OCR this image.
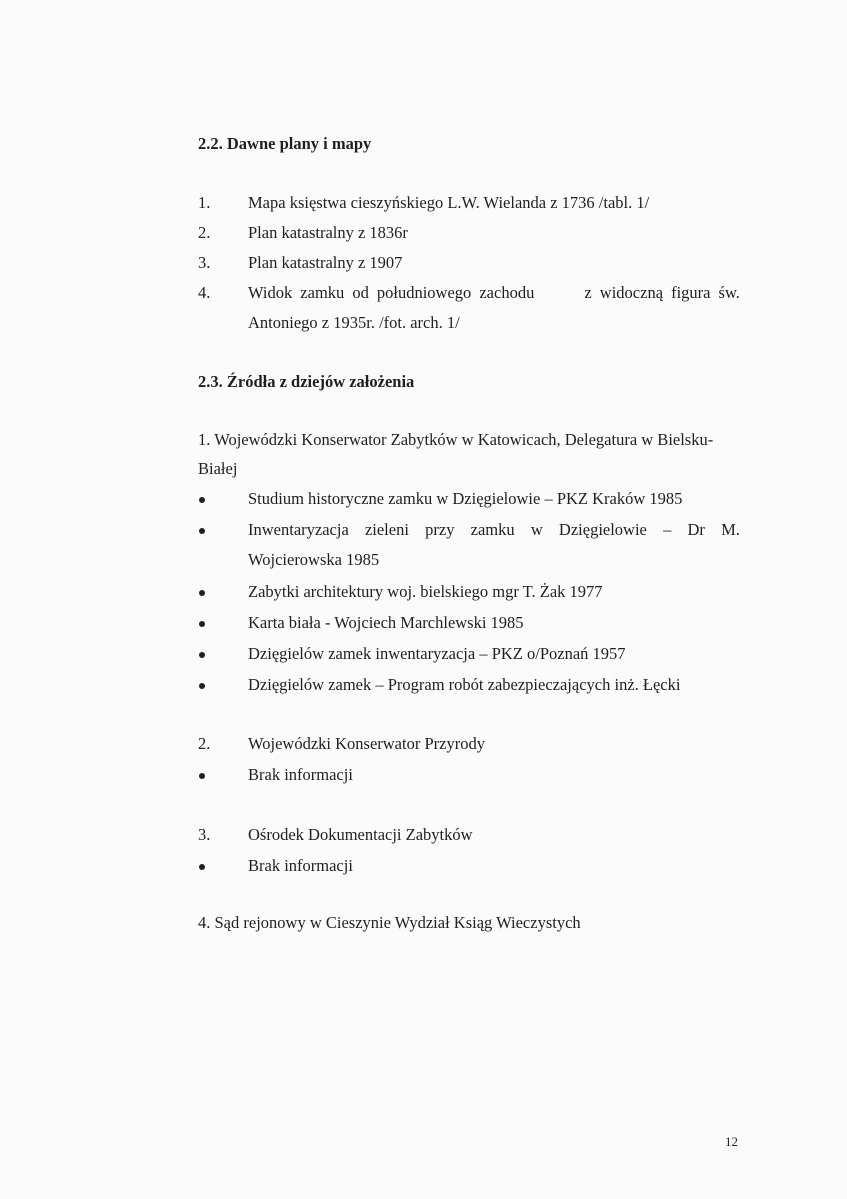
2.2. Dawne plany i mapy
1.	Mapa księstwa cieszyńskiego L.W. Wielanda z 1736 /tabl. 1/
2.	Plan katastralny z 1836r
3.	Plan katastralny z 1907
4.	Widok zamku od południowego zachodu	z widoczną figura św.
Antoniego z 1935r. /fot. arch. 1/
2.3. Źródła z dziejów założenia
1. Wojewódzki Konserwator Zabytków w Katowicach, Delegatura w Bielsku-
Białej
Studium historyczne zamku w Dzięgielowie – PKZ Kraków 1985
Inwentaryzacja zieleni przy zamku w Dzięgielowie – Dr M.
Wojcierowska 1985
Zabytki architektury woj. bielskiego mgr T. Żak 1977
Karta biała - Wojciech Marchlewski 1985
Dzięgielów zamek inwentaryzacja – PKZ o/Poznań 1957
Dzięgielów zamek – Program robót zabezpieczających inż. Łęcki
2.	Wojewódzki Konserwator Przyrody
Brak informacji
3.	Ośrodek Dokumentacji Zabytków
Brak informacji
4. Sąd rejonowy w Cieszynie Wydział Ksiąg Wieczystych
12
